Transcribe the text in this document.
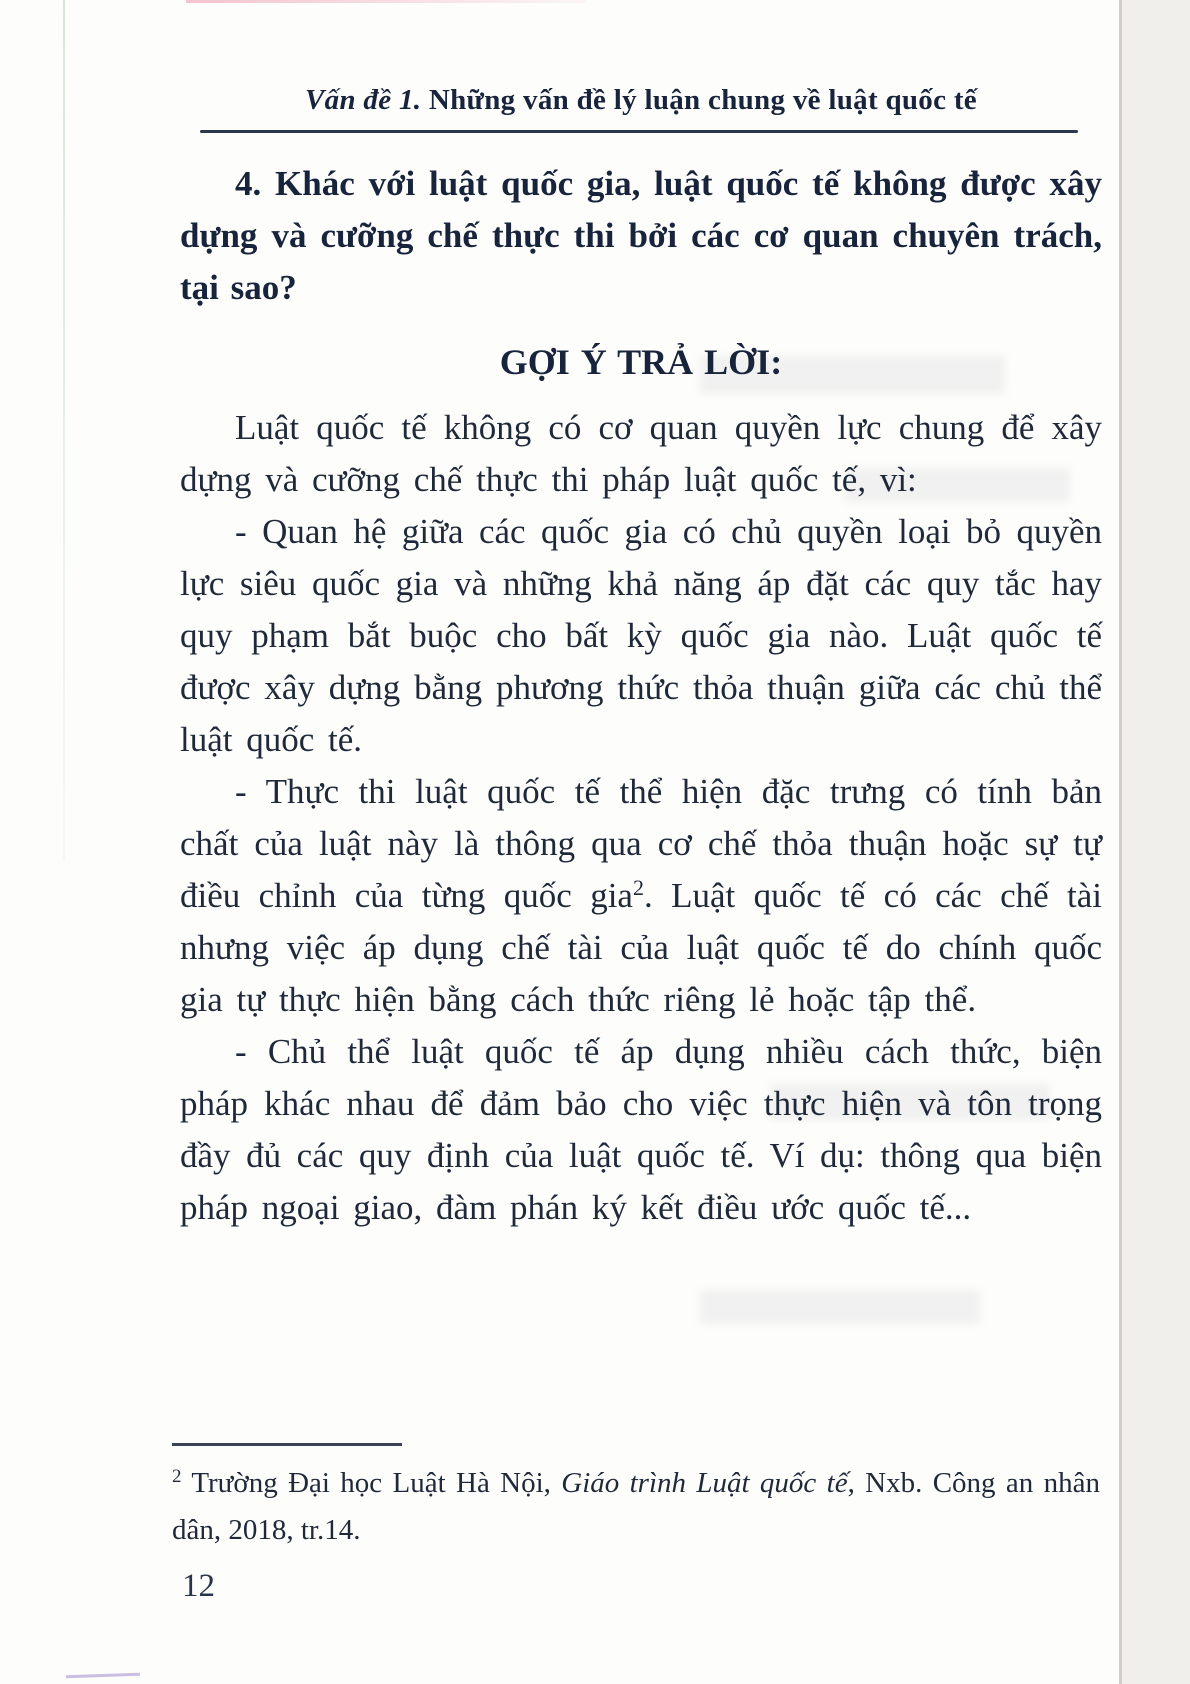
Vấn đề 1. Những vấn đề lý luận chung về luật quốc tế

4. Khác với luật quốc gia, luật quốc tế không được xây dựng và cưỡng chế thực thi bởi các cơ quan chuyên trách, tại sao?

GỢI Ý TRẢ LỜI:

Luật quốc tế không có cơ quan quyền lực chung để xây dựng và cưỡng chế thực thi pháp luật quốc tế, vì:

- Quan hệ giữa các quốc gia có chủ quyền loại bỏ quyền lực siêu quốc gia và những khả năng áp đặt các quy tắc hay quy phạm bắt buộc cho bất kỳ quốc gia nào. Luật quốc tế được xây dựng bằng phương thức thỏa thuận giữa các chủ thể luật quốc tế.

- Thực thi luật quốc tế thể hiện đặc trưng có tính bản chất của luật này là thông qua cơ chế thỏa thuận hoặc sự tự điều chỉnh của từng quốc gia$^2$. Luật quốc tế có các chế tài nhưng việc áp dụng chế tài của luật quốc tế do chính quốc gia tự thực hiện bằng cách thức riêng lẻ hoặc tập thể.

- Chủ thể luật quốc tế áp dụng nhiều cách thức, biện pháp khác nhau để đảm bảo cho việc thực hiện và tôn trọng đầy đủ các quy định của luật quốc tế. Ví dụ: thông qua biện pháp ngoại giao, đàm phán ký kết điều ước quốc tế...

$^2$ Trường Đại học Luật Hà Nội, Giáo trình Luật quốc tế, Nxb. Công an nhân dân, 2018, tr.14.
12
